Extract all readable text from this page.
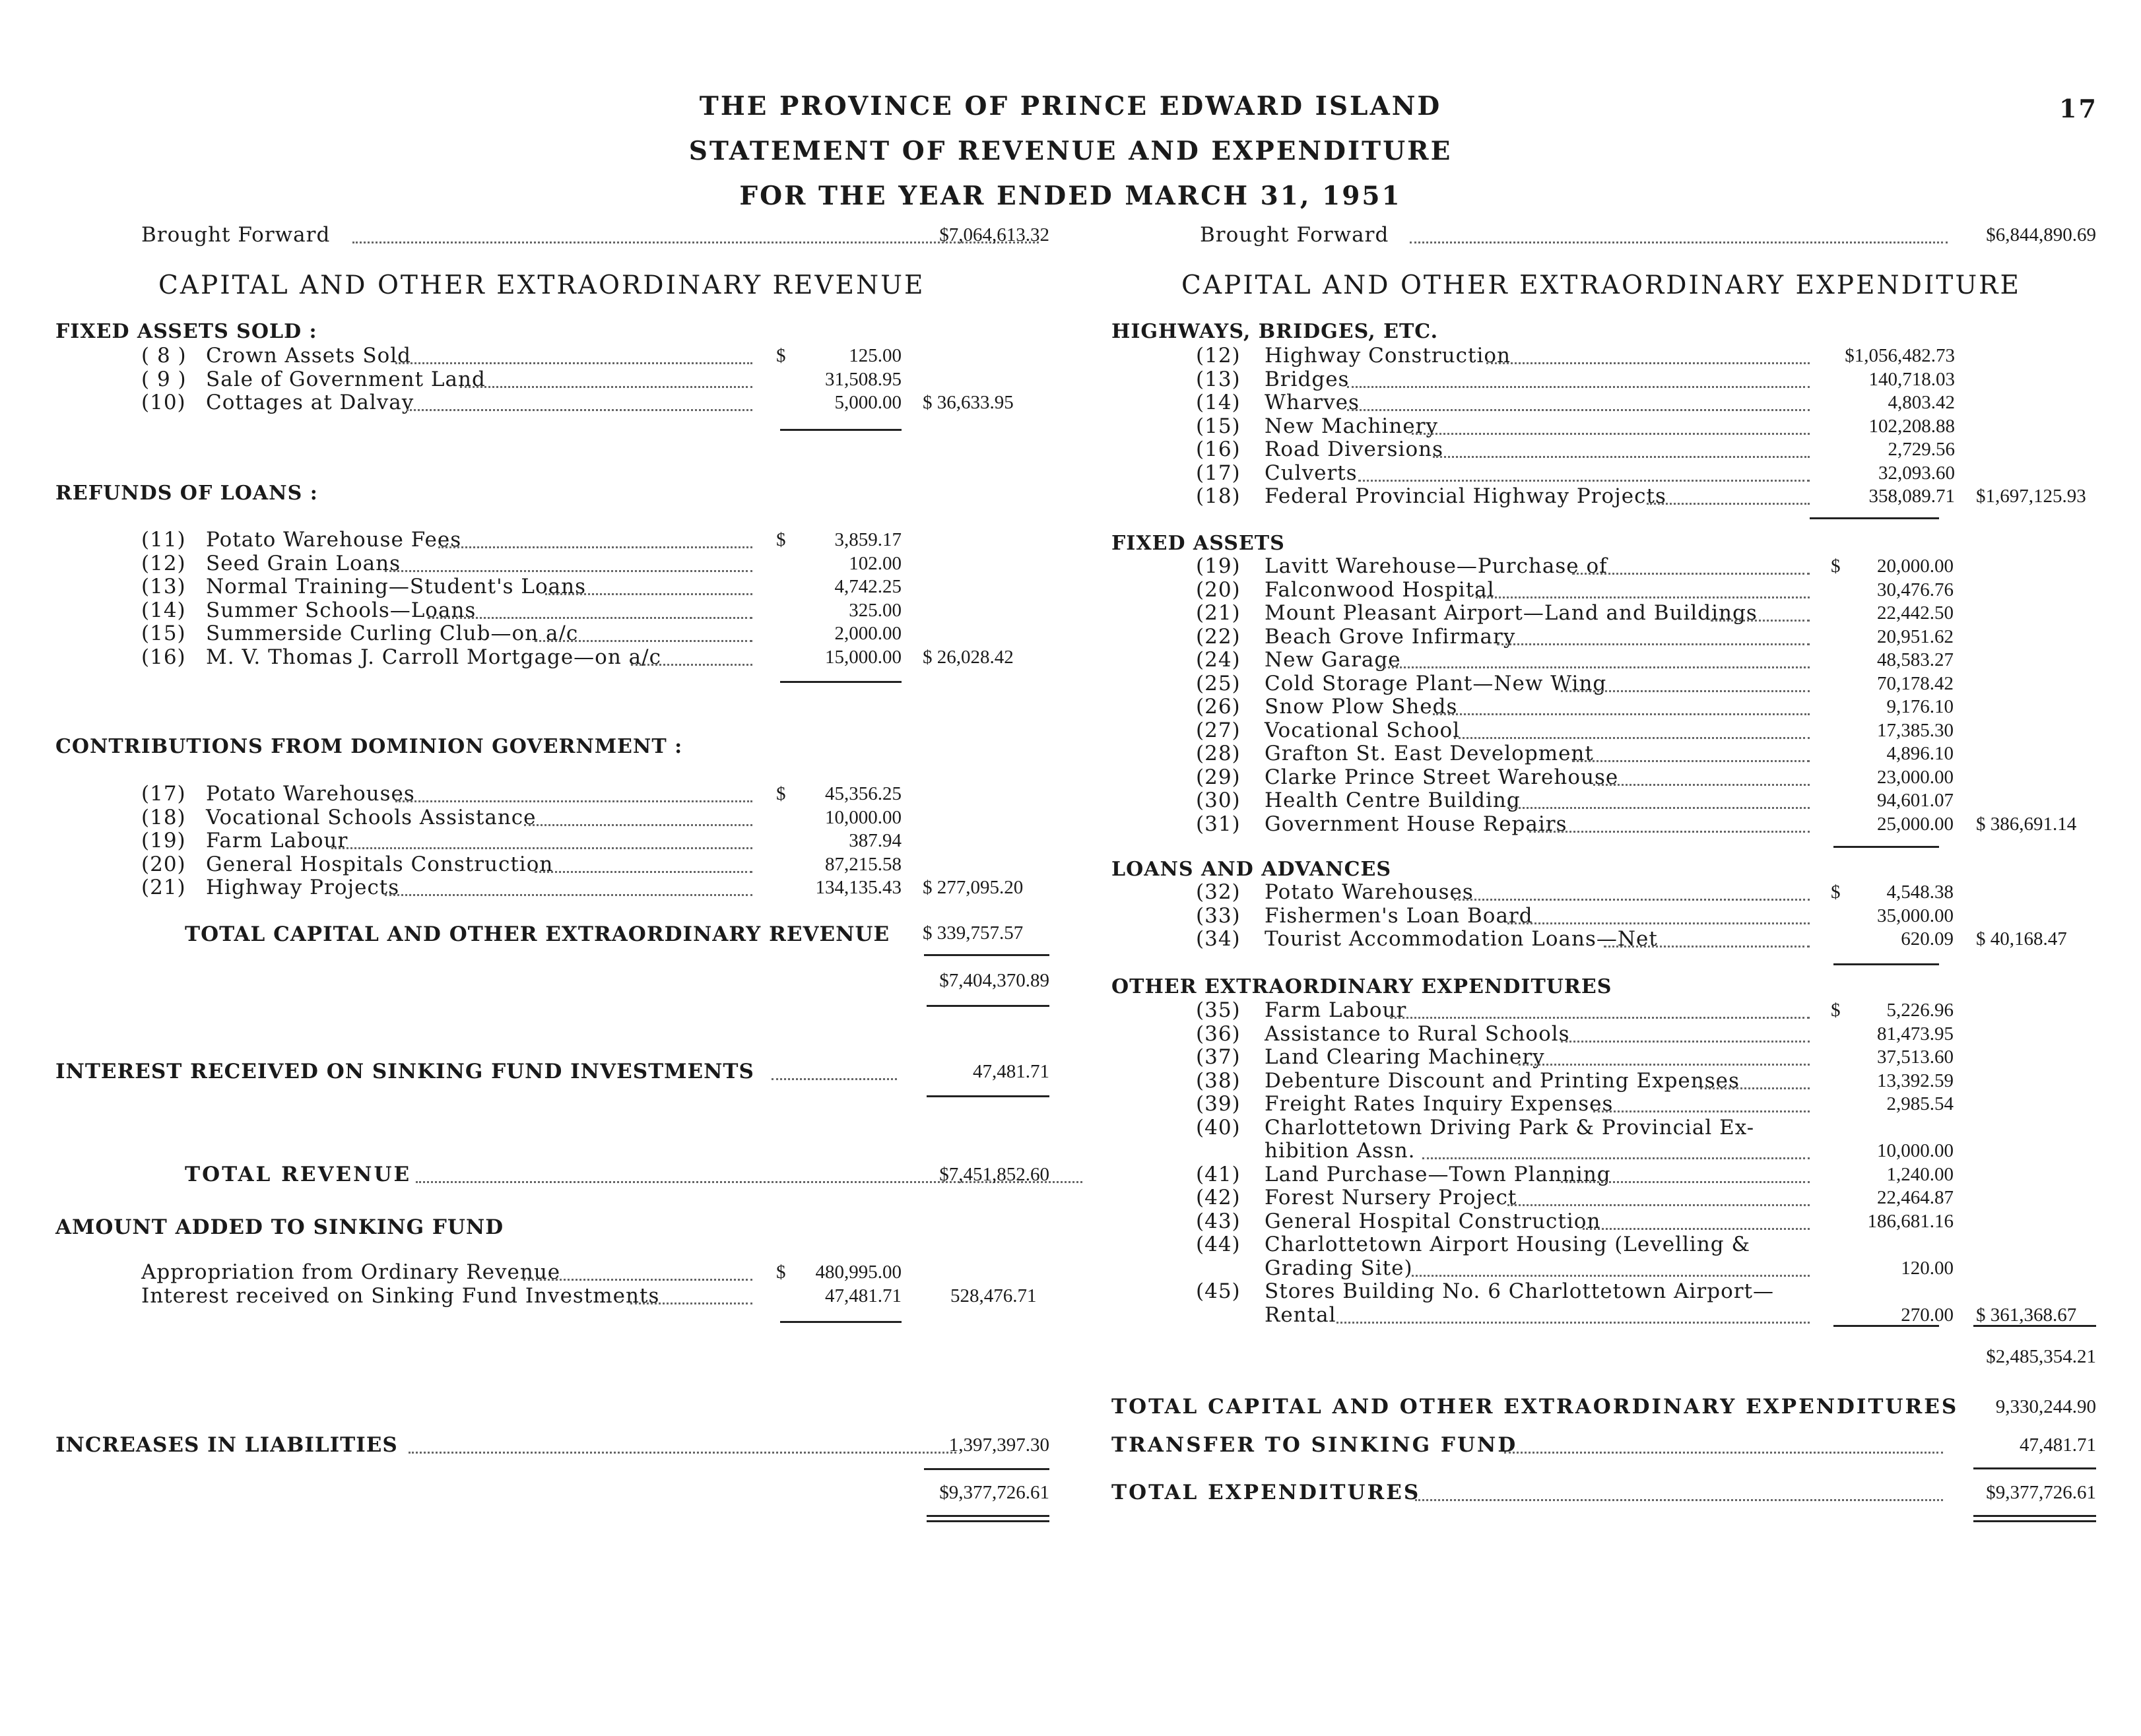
THE PROVINCE OF PRINCE EDWARD ISLAND
STATEMENT OF REVENUE AND EXPENDITURE
FOR THE YEAR ENDED MARCH 31, 1951
17
Brought Forward	$7,064,613.32
CAPITAL AND OTHER EXTRAORDINARY REVENUE
FIXED ASSETS SOLD :
( 8 ) Crown Assets Sold	$	125.00
( 9 ) Sale of Government Land	31,508.95
(10) Cottages at Dalvay	5,000.00 $ 36,633.95
REFUNDS OF LOANS :
(11) Potato Warehouse Fees	$	3,859.17
(12) Seed Grain Loans	102.00
(13) Normal Training—Student's Loans	4,742.25
(14) Summer Schools—Loans	325.00
(15) Summerside Curling Club—on a/c	2,000.00
(16) M. V. Thomas J. Carroll Mortgage—on a/c	15,000.00 $ 26,028.42
CONTRIBUTIONS FROM DOMINION GOVERNMENT :
(17) Potato Warehouses	$	45,356.25
(18) Vocational Schools Assistance	10,000.00
(19) Farm Labour	387.94
(20) General Hospitals Construction	87,215.58
(21) Highway Projects	134,135.43 $ 277,095.20
TOTAL CAPITAL AND OTHER EXTRAORDINARY REVENUE $ 339,757.57
$7,404,370.89
INTEREST RECEIVED ON SINKING FUND INVESTMENTS	47,481.71
TOTAL REVENUE	$7,451,852.60
AMOUNT ADDED TO SINKING FUND
Appropriation from Ordinary Revenue	$	480,995.00
Interest received on Sinking Fund Investments	47,481.71	528,476.71
INCREASES IN LIABILITIES	1,397,397.30
$9,377,726.61
Brought Forward	$6,844,890.69
CAPITAL AND OTHER EXTRAORDINARY EXPENDITURE
HIGHWAYS, BRIDGES, ETC.
(12) Highway Construction	$1,056,482.73
(13) Bridges	140,718.03
(14) Wharves	4,803.42
(15) New Machinery	102,208.88
(16) Road Diversions	2,729.56
(17) Culverts	32,093.60
(18) Federal Provincial Highway Projects	358,089.71 $1,697,125.93
FIXED ASSETS
(19) Lavitt Warehouse—Purchase of	$	20,000.00
(20) Falconwood Hospital	30,476.76
(21) Mount Pleasant Airport—Land and Buildings	22,442.50
(22) Beach Grove Infirmary	20,951.62
(24) New Garage	48,583.27
(25) Cold Storage Plant—New Wing	70,178.42
(26) Snow Plow Sheds	9,176.10
(27) Vocational School	17,385.30
(28) Grafton St. East Development	4,896.10
(29) Clarke Prince Street Warehouse	23,000.00
(30) Health Centre Building	94,601.07
(31) Government House Repairs	25,000.00 $ 386,691.14
LOANS AND ADVANCES
(32) Potato Warehouses	$	4,548.38
(33) Fishermen's Loan Board	35,000.00
(34) Tourist Accommodation Loans—Net	620.09 $ 40,168.47
OTHER EXTRAORDINARY EXPENDITURES
(35) Farm Labour	$	5,226.96
(36) Assistance to Rural Schools	81,473.95
(37) Land Clearing Machinery	37,513.60
(38) Debenture Discount and Printing Expenses	13,392.59
(39) Freight Rates Inquiry Expenses	2,985.54
(40) Charlottetown Driving Park & Provincial Ex-
hibition Assn.	10,000.00
(41) Land Purchase—Town Planning	1,240.00
(42) Forest Nursery Project	22,464.87
(43) General Hospital Construction	186,681.16
(44) Charlottetown Airport Housing (Levelling &
Grading Site)	120.00
(45) Stores Building No. 6 Charlottetown Airport—
Rental	270.00 $ 361,368.67
$2,485,354.21
TOTAL CAPITAL AND OTHER EXTRAORDINARY EXPENDITURES	9,330,244.90
TRANSFER TO SINKING FUND	47,481.71
TOTAL EXPENDITURES	$9,377,726.61
